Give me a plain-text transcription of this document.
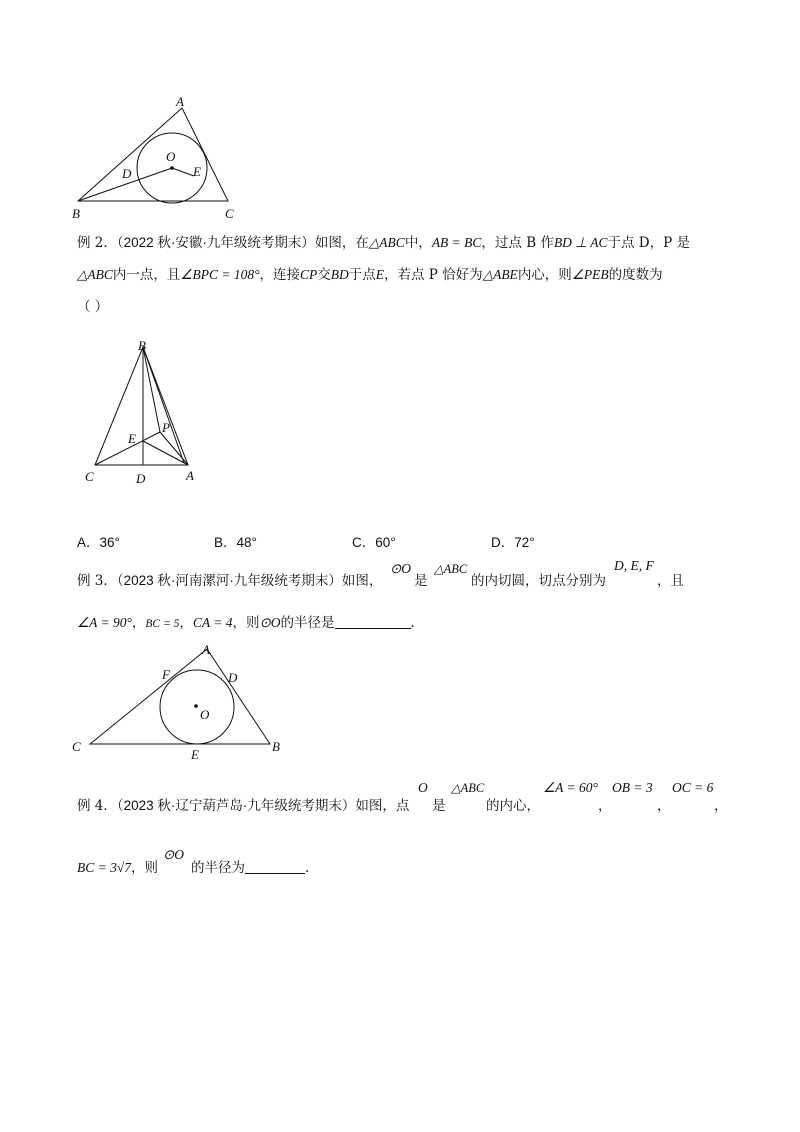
A
B	C
O
D	E
例 2．（2022 秋·安徽·九年级统考期末）如图，在△ABC中，AB = BC，过点 B 作BD ⊥ AC于点 D，P 是
△ABC内一点，且∠BPC = 108°，连接CP交BD于点E，若点 P 恰好为△ABE内心，则∠PEB的度数为
（ ）
B
E
P
C	D	A
A．36°	B．48°	C．60°	D．72°
例 3．（2023 秋·河南漯河·九年级统考期末）如图，
⊙O
是
△ABC
的内切圆，切点分别为
D, E, F
，且
∠A = 90°，BC = 5，CA = 4，则⊙O的半径是	.
A
F	D
O
C
E
B
例 4．（2023 秋·辽宁葫芦岛·九年级统考期末）如图，点
O
是
△ABC
的内心，
∠A = 60°
，
OB = 3
，
OC = 6
，
BC = 3√7，则
⊙O
的半径为	.
